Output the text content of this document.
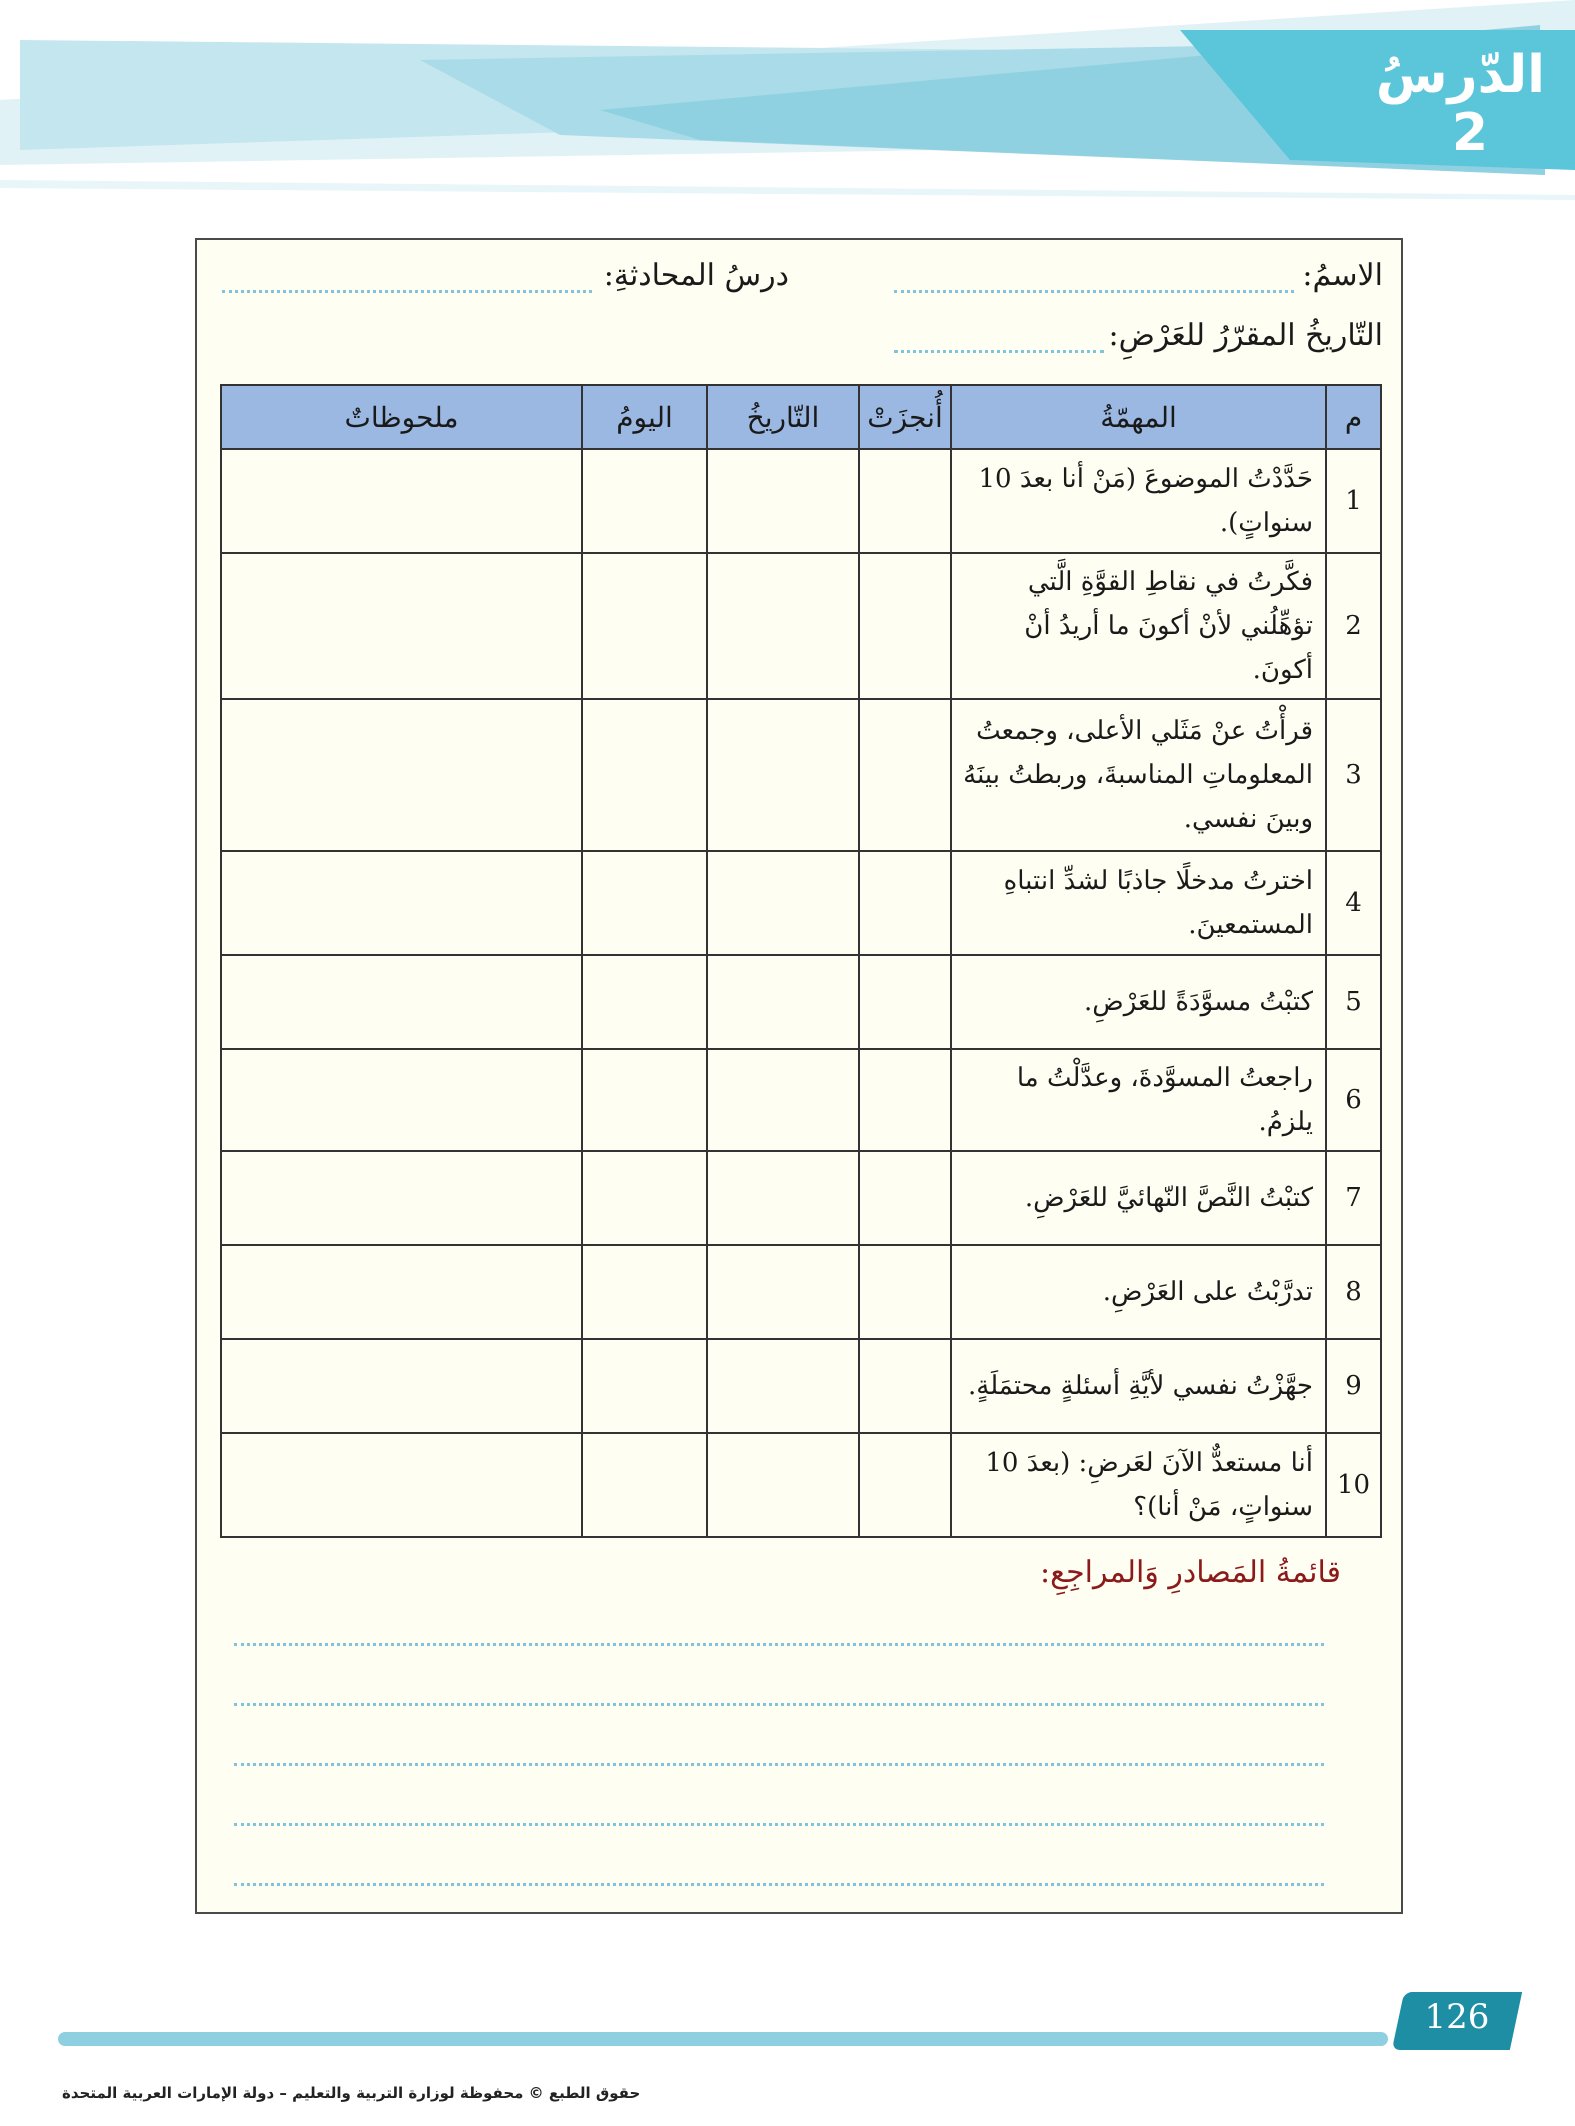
الدّرسُ
2
الاسمُ:
درسُ المحادثةِ:
التّاريخُ المقرّرُ للعَرْضِ:
م	المهمّةُ	أُنجزَتْ	التّاريخُ	اليومُ	ملحوظاتٌ
1	حَدَّدْتُ الموضوعَ (مَنْ أنا بعدَ 10 سنواتٍ).				
2	فكَّرتُ في نقاطِ القوَّةِ الَّتي تؤهِّلُني لأنْ أكونَ ما أريدُ أنْ أكونَ.				
3	قرأْتُ عنْ مَثَلي الأعلى، وجمعتُ المعلوماتِ المناسبةَ، وربطتُ بينَهُ وبينَ نفسي.				
4	اخترتُ مدخلًا جاذبًا لشدِّ انتباهِ المستمعينَ.				
5	كتبْتُ مسوَّدَةً للعَرْضِ.				
6	راجعتُ المسوَّدةَ، وعدَّلْتُ ما يلزمُ.				
7	كتبْتُ النَّصَّ النّهائيَّ للعَرْضِ.				
8	تدرَّبْتُ على العَرْضِ.				
9	جهَّزْتُ نفسي لأيَّةِ أسئلةٍ محتمَلَةٍ.				
10	أنا مستعدٌّ الآنَ لعَرضِ: (بعدَ 10 سنواتٍ، مَنْ أنا)؟				
قائمةُ المَصادرِ وَالمراجِعِ:
126
حقوق الطبع © محفوظة لوزارة التربية والتعليم – دولة الإمارات العربية المتحدة
